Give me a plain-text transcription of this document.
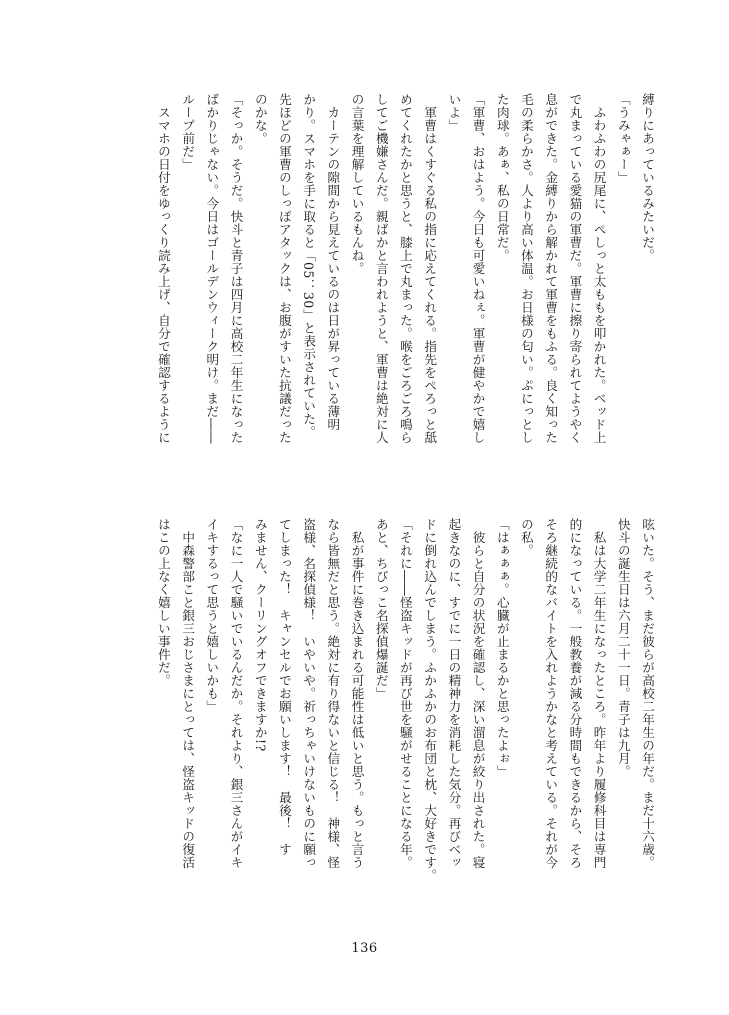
縛りにあっているみたいだ。
「うみゃぁー」
　ふわふわの尻尾に、ぺしっと太ももを叩かれた。ベッド上
で丸まっている愛猫の軍曹だ。軍曹に擦り寄られてようやく
息ができた。金縛りから解かれて軍曹をもふる。良く知った
毛の柔らかさ。人より高い体温。お日様の匂い。ぷにっとし
た肉球。あぁ、私の日常だ。
「軍曹、おはよう。今日も可愛いねぇ。軍曹が健やかで嬉し
いよ」
　軍曹はくすぐる私の指に応えてくれる。指先をぺろっと舐
めてくれたかと思うと、膝上で丸まった。喉をごろごろ鳴ら
してご機嫌さんだ。親ばかと言われようと、軍曹は絶対に人
の言葉を理解しているもんね。
　カーテンの隙間から見えているのは日が昇っている薄明
かり。スマホを手に取ると「05：30」と表示されていた。
先ほどの軍曹のしっぽアタックは、お腹がすいた抗議だった
のかな。
「そっか。そうだ。快斗と青子は四月に高校二年生になった
ばかりじゃない。今日はゴールデンウィーク明け。まだ――
ループ前だ」
　スマホの日付をゆっくり読み上げ、自分で確認するように
呟いた。そう、まだ彼らが高校二年生の年だ。まだ十六歳。
快斗の誕生日は六月二十一日。青子は九月。
　私は大学二年生になったところ。昨年より履修科目は専門
的になっている。一般教養が減る分時間もできるから、そろ
そろ継続的なバイトを入れようかなと考えている。それが今
の私。
「はぁぁぁ。心臓が止まるかと思ったよぉ」
　彼らと自分の状況を確認し、深い溜息が絞り出された。寝
起きなのに、すでに一日の精神力を消耗した気分。再びベッ
ドに倒れ込んでしまう。ふかふかのお布団と枕、大好きです。
「それに――怪盗キッドが再び世を騒がせることになる年。
あと、ちびっこ名探偵爆誕だ」
　私が事件に巻き込まれる可能性は低いと思う。もっと言う
なら皆無だと思う。絶対に有り得ないと信じる！　神様、怪
盗様、名探偵様！　いやいや。祈っちゃいけないものに願っ
てしまった！　キャンセルでお願いします！　最後！　す
みません、クーリングオフできますか!?
「なに一人で騒いでいるんだか。それより、銀三さんがイキ
イキするって思うと嬉しいかも」
　中森警部こと銀三おじさまにとっては、怪盗キッドの復活
はこの上なく嬉しい事件だ。
136
